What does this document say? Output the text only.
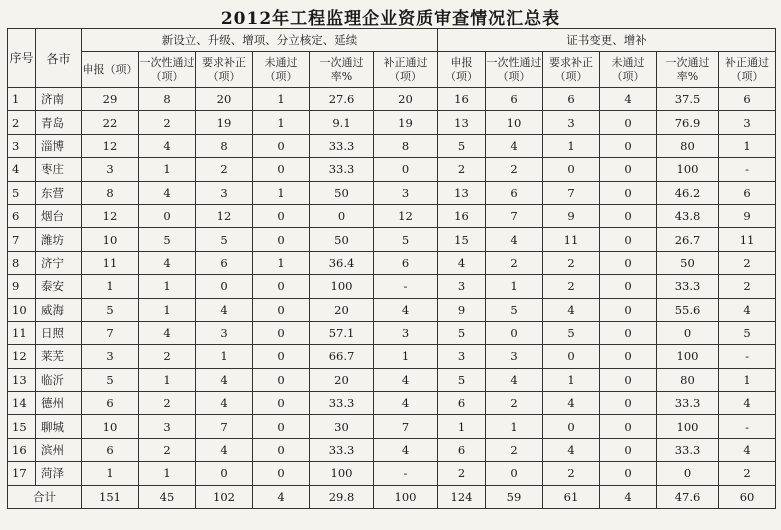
2012年工程监理企业资质审查情况汇总表
序号	各市	新设立、升级、增项、分立核定、延续						证书变更、增补					
		申报（项）	一次性通过（项）	要求补正（项）	未通过（项）	一次通过率%	补正通过（项）	申报（项）	一次性通过（项）	要求补正（项）	未通过（项）	一次通过率%	补正通过（项）
1	济南	29	8	20	1	27.6	20	16	6	6	4	37.5	6
2	青岛	22	2	19	1	9.1	19	13	10	3	0	76.9	3
3	淄博	12	4	8	0	33.3	8	5	4	1	0	80	1
4	枣庄	3	1	2	0	33.3	0	2	2	0	0	100	-
5	东营	8	4	3	1	50	3	13	6	7	0	46.2	6
6	烟台	12	0	12	0	0	12	16	7	9	0	43.8	9
7	潍坊	10	5	5	0	50	5	15	4	11	0	26.7	11
8	济宁	11	4	6	1	36.4	6	4	2	2	0	50	2
9	泰安	1	1	0	0	100	-	3	1	2	0	33.3	2
10	威海	5	1	4	0	20	4	9	5	4	0	55.6	4
11	日照	7	4	3	0	57.1	3	5	0	5	0	0	5
12	莱芜	3	2	1	0	66.7	1	3	3	0	0	100	-
13	临沂	5	1	4	0	20	4	5	4	1	0	80	1
14	德州	6	2	4	0	33.3	4	6	2	4	0	33.3	4
15	聊城	10	3	7	0	30	7	1	1	0	0	100	-
16	滨州	6	2	4	0	33.3	4	6	2	4	0	33.3	4
17	菏泽	1	1	0	0	100	-	2	0	2	0	0	2
合计		151	45	102	4	29.8	100	124	59	61	4	47.6	60
